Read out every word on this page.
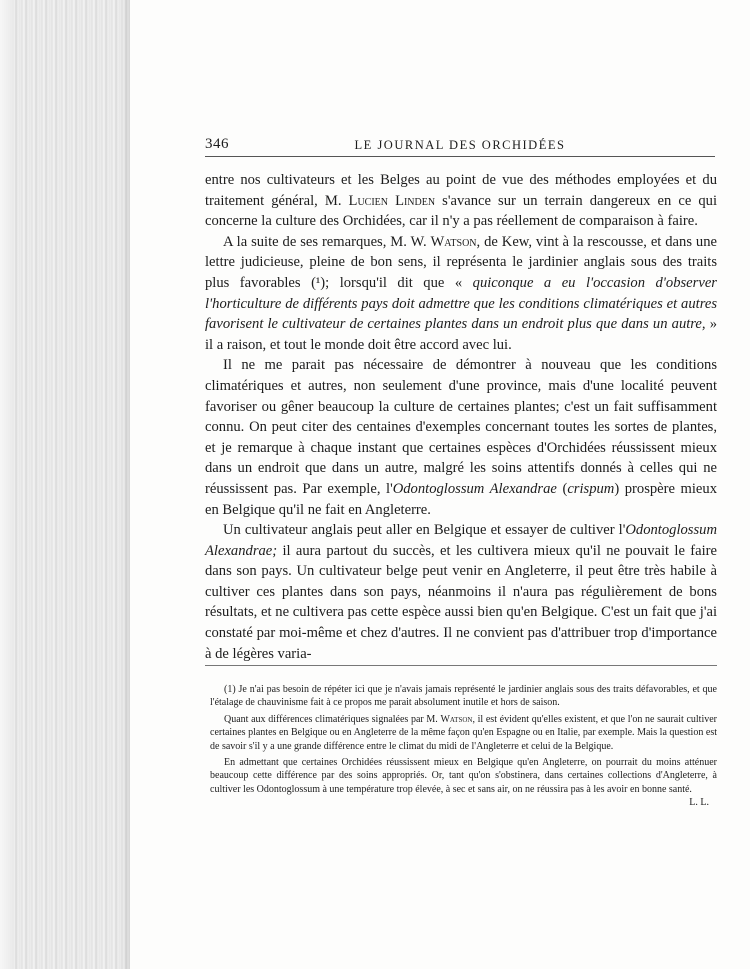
346	LE JOURNAL DES ORCHIDÉES

entre nos cultivateurs et les Belges au point de vue des méthodes employées et du traitement général, M. Lucien Linden s'avance sur un terrain dangereux en ce qui concerne la culture des Orchidées, car il n'y a pas réellement de comparaison à faire.

A la suite de ses remarques, M. W. Watson, de Kew, vint à la rescousse, et dans une lettre judicieuse, pleine de bon sens, il représenta le jardinier anglais sous des traits plus favorables (¹); lorsqu'il dit que « quiconque a eu l'occasion d'observer l'horticulture de différents pays doit admettre que les conditions climatériques et autres favorisent le cultivateur de certaines plantes dans un endroit plus que dans un autre, » il a raison, et tout le monde doit être accord avec lui.

Il ne me parait pas nécessaire de démontrer à nouveau que les conditions climatériques et autres, non seulement d'une province, mais d'une localité peuvent favoriser ou gêner beaucoup la culture de certaines plantes; c'est un fait suffisamment connu. On peut citer des centaines d'exemples concernant toutes les sortes de plantes, et je remarque à chaque instant que certaines espèces d'Orchidées réussissent mieux dans un endroit que dans un autre, malgré les soins attentifs donnés à celles qui ne réussissent pas. Par exemple, l'Odontoglossum Alexandrae (crispum) prospère mieux en Belgique qu'il ne fait en Angleterre.

Un cultivateur anglais peut aller en Belgique et essayer de cultiver l'Odontoglossum Alexandrae; il aura partout du succès, et les cultivera mieux qu'il ne pouvait le faire dans son pays. Un cultivateur belge peut venir en Angleterre, il peut être très habile à cultiver ces plantes dans son pays, néanmoins il n'aura pas régulièrement de bons résultats, et ne cultivera pas cette espèce aussi bien qu'en Belgique. C'est un fait que j'ai constaté par moi-même et chez d'autres. Il ne convient pas d'attribuer trop d'importance à de légères varia-

(1) Je n'ai pas besoin de répéter ici que je n'avais jamais représenté le jardinier anglais sous des traits défavorables, et que l'étalage de chauvinisme fait à ce propos me parait absolument inutile et hors de saison.

Quant aux différences climatériques signalées par M. Watson, il est évident qu'elles existent, et que l'on ne saurait cultiver certaines plantes en Belgique ou en Angleterre de la même façon qu'en Espagne ou en Italie, par exemple. Mais la question est de savoir s'il y a une grande différence entre le climat du midi de l'Angleterre et celui de la Belgique.

En admettant que certaines Orchidées réussissent mieux en Belgique qu'en Angleterre, on pourrait du moins atténuer beaucoup cette différence par des soins appropriés. Or, tant qu'on s'obstinera, dans certaines collections d'Angleterre, à cultiver les Odontoglossum à une température trop élevée, à sec et sans air, on ne réussira pas à les avoir en bonne santé.
L. L.
